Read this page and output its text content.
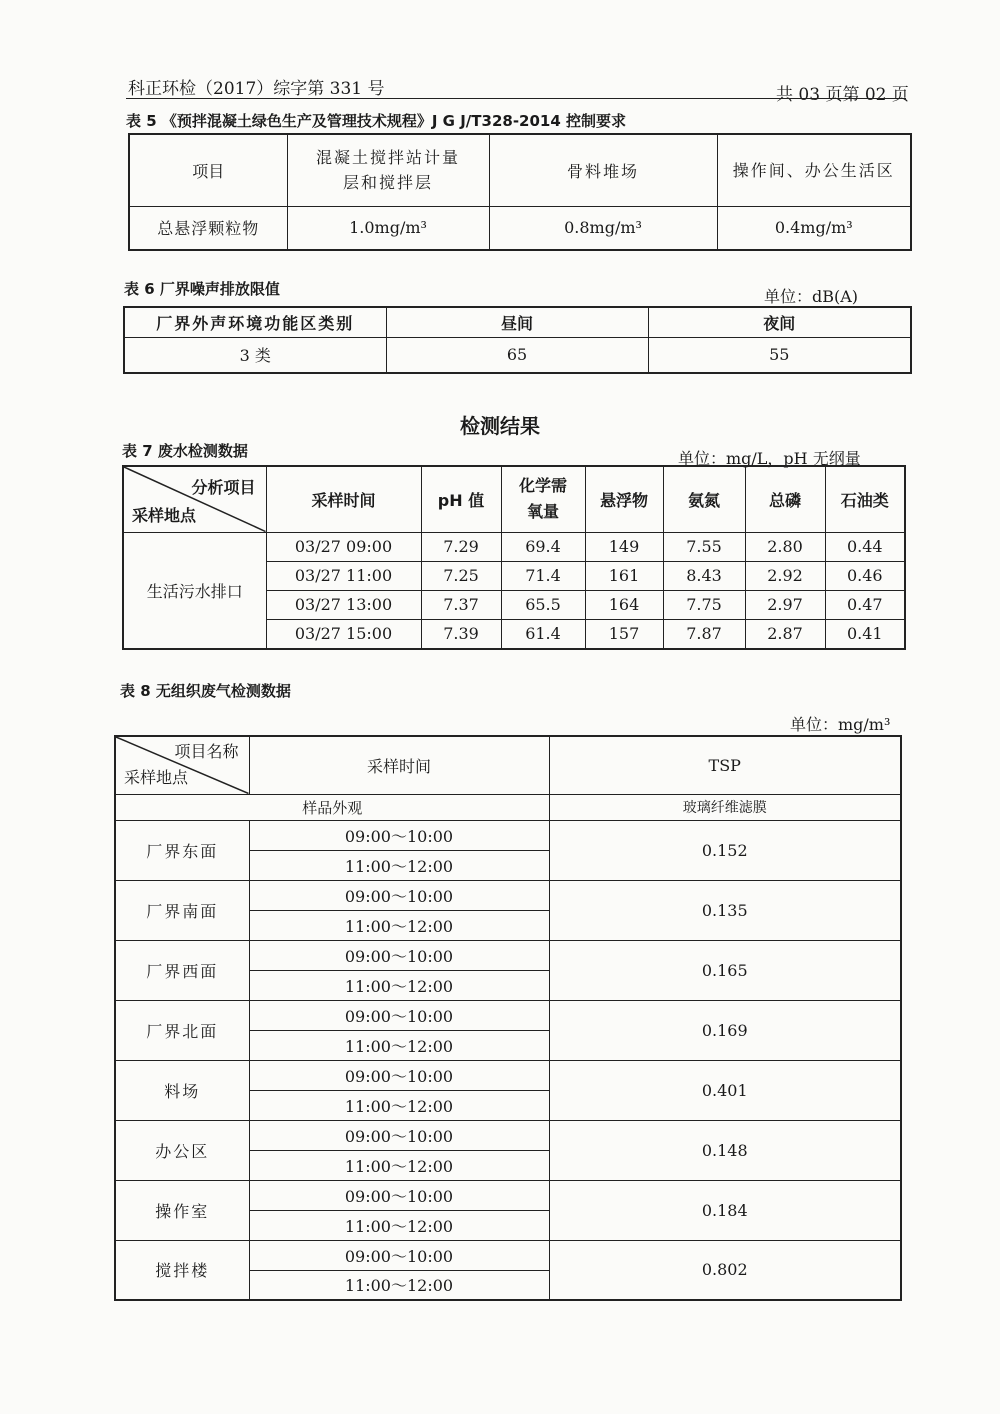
科正环检（2017）综字第 331 号	共 03 页第 02 页
表 5 《预拌混凝土绿色生产及管理技术规程》J G J/T328-2014 控制要求
项目	混凝土搅拌站计量层和搅拌层	骨料堆场	操作间、办公生活区
总悬浮颗粒物	1.0mg/m³	0.8mg/m³	0.4mg/m³
表 6 厂界噪声排放限值	单位：dB(A)
厂界外声环境功能区类别	昼间	夜间
3 类	65	55
检测结果
表 7 废水检测数据	单位：mg/L，pH 无纲量
分析项目
采样地点	采样时间	pH 值	化学需氧量	悬浮物	氨氮	总磷	石油类
生活污水排口	03/27 09:00	7.29	69.4	149	7.55	2.80	0.44
	03/27 11:00	7.25	71.4	161	8.43	2.92	0.46
	03/27 13:00	7.37	65.5	164	7.75	2.97	0.47
	03/27 15:00	7.39	61.4	157	7.87	2.87	0.41
表 8 无组织废气检测数据
单位：mg/m³
项目名称
采样地点	采样时间	TSP
样品外观		玻璃纤维滤膜
厂界东面	09:00～10:00	0.152
	11:00～12:00	
厂界南面	09:00～10:00	0.135
	11:00～12:00	
厂界西面	09:00～10:00	0.165
	11:00～12:00	
厂界北面	09:00～10:00	0.169
	11:00～12:00	
料场	09:00～10:00	0.401
	11:00～12:00	
办公区	09:00～10:00	0.148
	11:00～12:00	
操作室	09:00～10:00	0.184
	11:00～12:00	
搅拌楼	09:00～10:00	0.802
	11:00～12:00	
